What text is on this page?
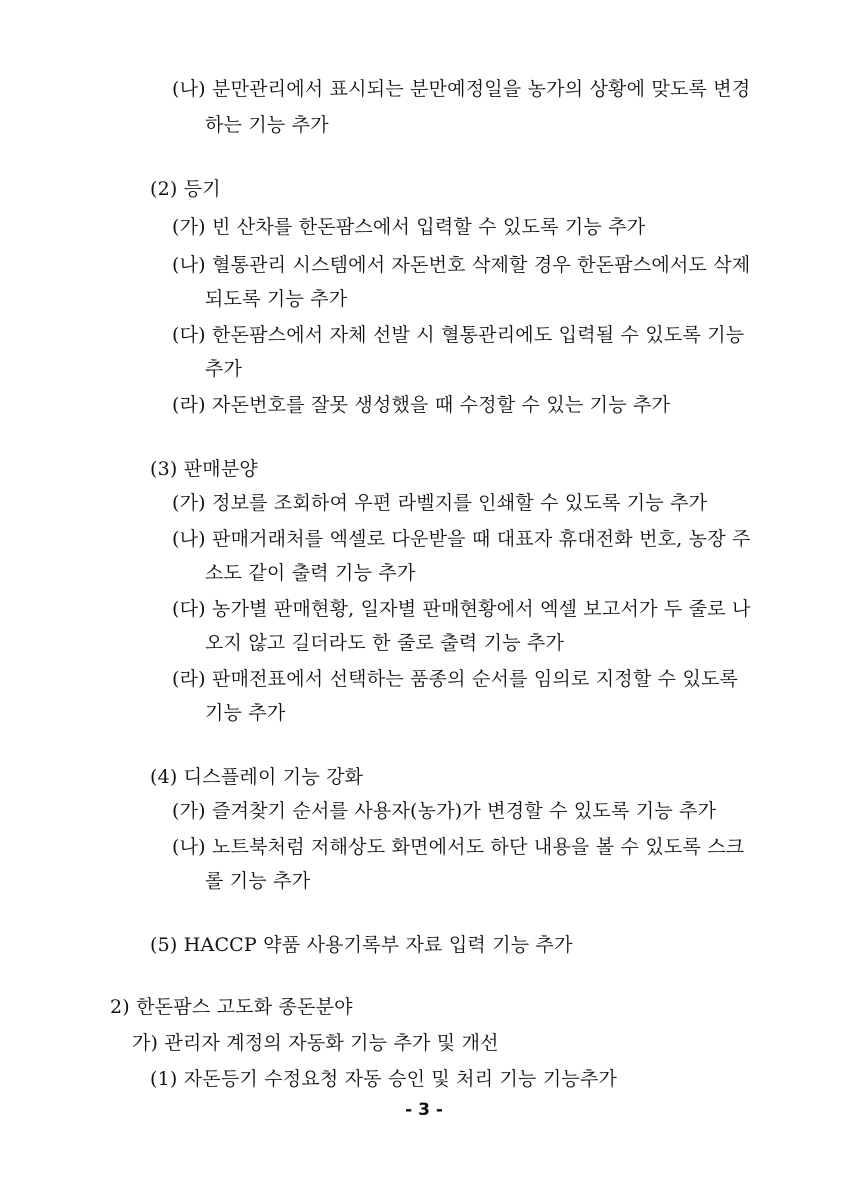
(나) 분만관리에서 표시되는 분만예정일을 농가의 상황에 맞도록 변경
하는 기능 추가
(2) 등기
(가) 빈 산차를 한돈팜스에서 입력할 수 있도록 기능 추가
(나) 혈통관리 시스템에서 자돈번호 삭제할 경우 한돈팜스에서도 삭제
되도록 기능 추가
(다) 한돈팜스에서 자체 선발 시 혈통관리에도 입력될 수 있도록 기능
추가
(라) 자돈번호를 잘못 생성했을 때 수정할 수 있는 기능 추가
(3) 판매분양
(가) 정보를 조회하여 우편 라벨지를 인쇄할 수 있도록 기능 추가
(나) 판매거래처를 엑셀로 다운받을 때 대표자 휴대전화 번호, 농장 주
소도 같이 출력 기능 추가
(다) 농가별 판매현황, 일자별 판매현황에서 엑셀 보고서가 두 줄로 나
오지 않고 길더라도 한 줄로 출력 기능 추가
(라) 판매전표에서 선택하는 품종의 순서를 임의로 지정할 수 있도록
기능 추가
(4) 디스플레이 기능 강화
(가) 즐겨찾기 순서를 사용자(농가)가 변경할 수 있도록 기능 추가
(나) 노트북처럼 저해상도 화면에서도 하단 내용을 볼 수 있도록 스크
롤 기능 추가
(5) HACCP 약품 사용기록부 자료 입력 기능 추가
2) 한돈팜스 고도화 종돈분야
가) 관리자 계정의 자동화 기능 추가 및 개선
(1) 자돈등기 수정요청 자동 승인 및 처리 기능 기능추가
- 3 -
